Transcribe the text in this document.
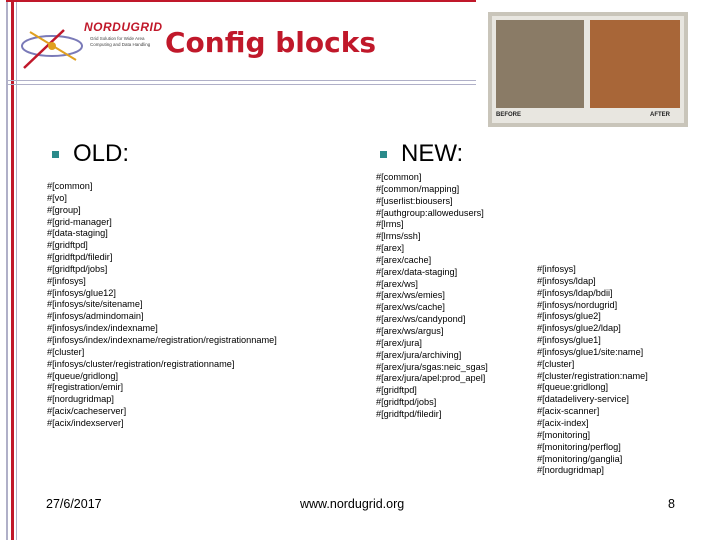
NORDUGRID
Grid Solution for Wide Area Computing and Data Handling Config blocks
BEFORE	AFTER
OLD:	NEW:
#[common]
#[vo]
#[group]
#[grid-manager]
#[data-staging]
#[gridftpd]
#[gridftpd/filedir]
#[gridftpd/jobs]
#[infosys]
#[infosys/glue12]
#[infosys/site/sitename]
#[infosys/admindomain]
#[infosys/index/indexname]
#[infosys/index/indexname/registration/registrationname]
#[cluster]
#[infosys/cluster/registration/registrationname]
#[queue/gridlong]
#[registration/emir]
#[nordugridmap]
#[acix/cacheserver]
#[acix/indexserver]
#[common]
#[common/mapping]
#[userlist:biousers]
#[authgroup:allowedusers]
#[lrms]
#[lrms/ssh]
#[arex]
#[arex/cache]
#[arex/data-staging]
#[arex/ws]
#[arex/ws/emies]
#[arex/ws/cache]
#[arex/ws/candypond]
#[arex/ws/argus]
#[arex/jura]
#[arex/jura/archiving]
#[arex/jura/sgas:neic_sgas]
#[arex/jura/apel:prod_apel]
#[gridftpd]
#[gridftpd/jobs]
#[gridftpd/filedir]
#[infosys]
#[infosys/ldap]
#[infosys/ldap/bdii]
#[infosys/nordugrid]
#[infosys/glue2]
#[infosys/glue2/ldap]
#[infosys/glue1]
#[infosys/glue1/site:name]
#[cluster]
#[cluster/registration:name]
#[queue:gridlong]
#[datadelivery-service]
#[acix-scanner]
#[acix-index]
#[monitoring]
#[monitoring/perflog]
#[monitoring/ganglia]
#[nordugridmap]
27/6/2017	www.nordugrid.org	8
